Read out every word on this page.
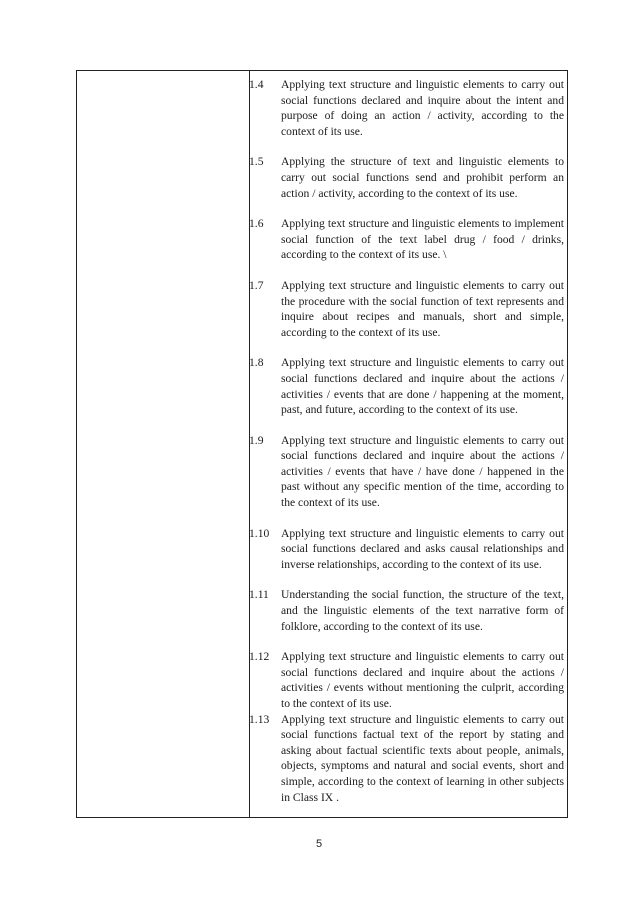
1.4 Applying text structure and linguistic elements to carry out social functions declared and inquire about the intent and purpose of doing an action / activity, according to the context of its use.
1.5 Applying the structure of text and linguistic elements to carry out social functions send and prohibit perform an action / activity, according to the context of its use.
1.6 Applying text structure and linguistic elements to implement social function of the text label drug / food / drinks, according to the context of its use. \
1.7 Applying text structure and linguistic elements to carry out the procedure with the social function of text represents and inquire about recipes and manuals, short and simple, according to the context of its use.
1.8 Applying text structure and linguistic elements to carry out social functions declared and inquire about the actions / activities / events that are done / happening at the moment, past, and future, according to the context of its use.
1.9 Applying text structure and linguistic elements to carry out social functions declared and inquire about the actions / activities / events that have / have done / happened in the past without any specific mention of the time, according to the context of its use.
1.10 Applying text structure and linguistic elements to carry out social functions declared and asks causal relationships and inverse relationships, according to the context of its use.
1.11 Understanding the social function, the structure of the text, and the linguistic elements of the text narrative form of folklore, according to the context of its use.
1.12 Applying text structure and linguistic elements to carry out social functions declared and inquire about the actions / activities / events without mentioning the culprit, according to the context of its use.
1.13 Applying text structure and linguistic elements to carry out social functions factual text of the report by stating and asking about factual scientific texts about people, animals, objects, symptoms and natural and social events, short and simple, according to the context of learning in other subjects in Class IX .
5
